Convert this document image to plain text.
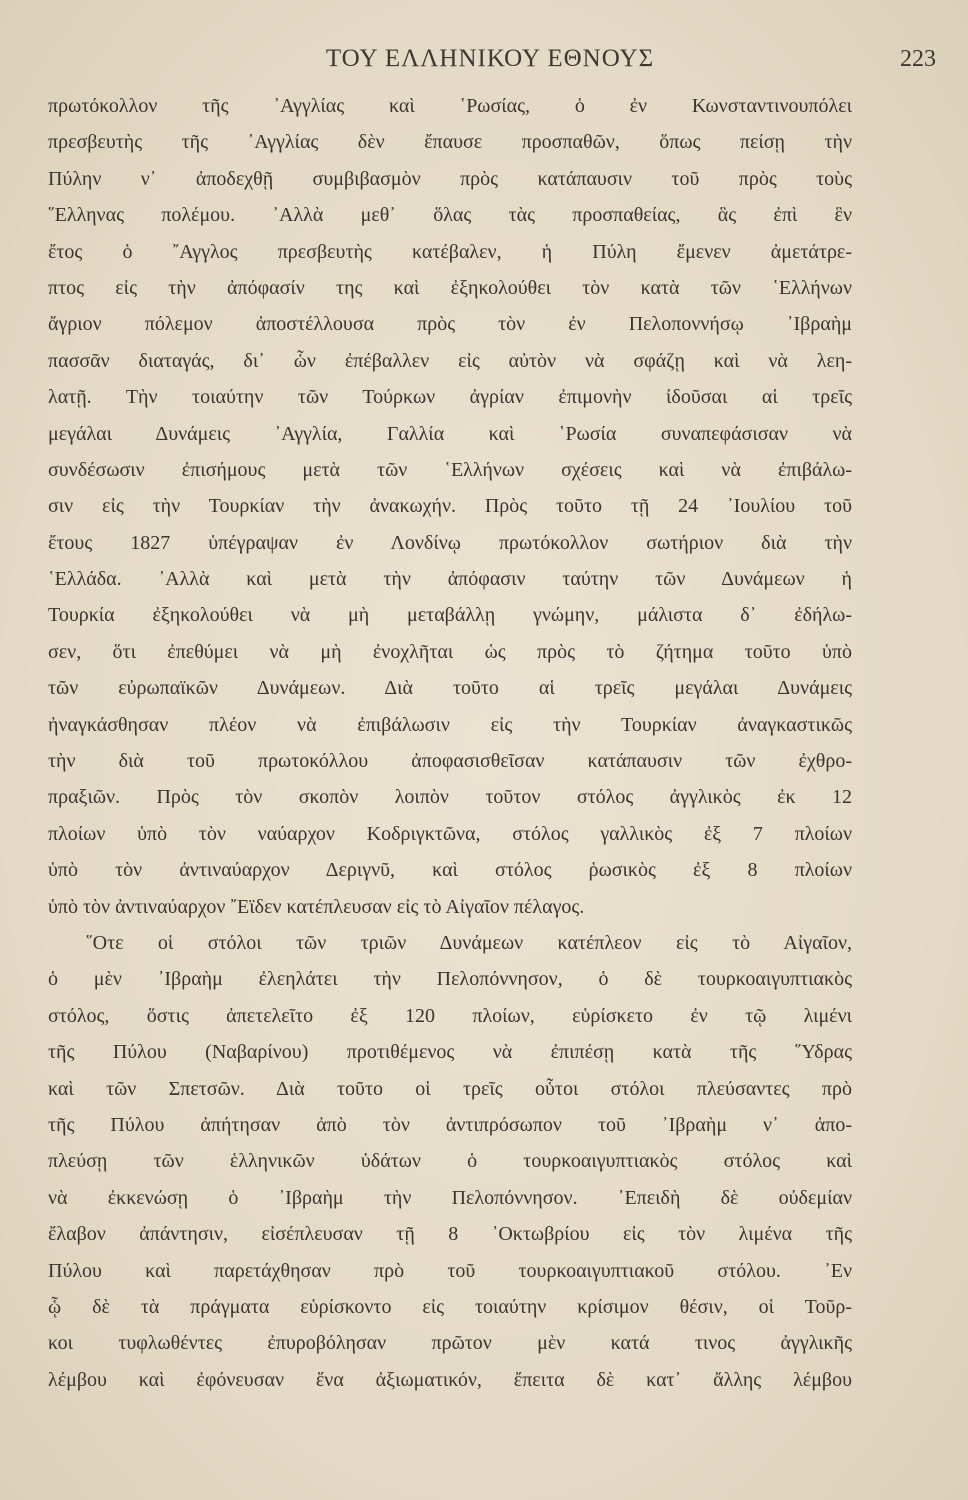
ΤΟΥ ΕΛΛΗΝΙΚΟΥ ΕΘΝΟΥΣ	223
πρωτόκολλον τῆς ᾿Αγγλίας καὶ ῾Ρωσίας, ὁ ἐν Κωνσταντινουπόλει
πρεσβευτὴς τῆς ᾿Αγγλίας δὲν ἔπαυσε προσπαθῶν, ὅπως πείσῃ τὴν
Πύλην ν᾿ ἀποδεχθῇ συμβιβασμὸν πρὸς κατάπαυσιν τοῦ πρὸς τοὺς
῞Ελληνας πολέμου. ᾿Αλλὰ μεθ᾿ ὅλας τὰς προσπαθείας, ἃς ἐπὶ ἓν
ἔτος ὁ ῎Αγγλος πρεσβευτὴς κατέβαλεν, ἡ Πύλη ἔμενεν ἀμετάτρε-
πτος εἰς τὴν ἀπόφασίν της καὶ ἐξηκολούθει τὸν κατὰ τῶν ῾Ελλήνων
ἄγριον πόλεμον ἀποστέλλουσα πρὸς τὸν ἐν Πελοποννήσῳ ᾿Ιβραὴμ
πασσᾶν διαταγάς, δι᾿ ὧν ἐπέβαλλεν εἰς αὐτὸν νὰ σφάζῃ καὶ νὰ λεη-
λατῇ. Τὴν τοιαύτην τῶν Τούρκων ἀγρίαν ἐπιμονὴν ἰδοῦσαι αἱ τρεῖς
μεγάλαι Δυνάμεις ᾿Αγγλία, Γαλλία καὶ ῾Ρωσία συναπεφάσισαν νὰ
συνδέσωσιν ἐπισήμους μετὰ τῶν ῾Ελλήνων σχέσεις καὶ νὰ ἐπιβάλω-
σιν εἰς τὴν Τουρκίαν τὴν ἀνακωχήν. Πρὸς τοῦτο τῇ 24 ᾿Ιουλίου τοῦ
ἔτους 1827 ὑπέγραψαν ἐν Λονδίνῳ πρωτόκολλον σωτήριον διὰ τὴν
῾Ελλάδα. ᾿Αλλὰ καὶ μετὰ τὴν ἀπόφασιν ταύτην τῶν Δυνάμεων ἡ
Τουρκία ἐξηκολούθει νὰ μὴ μεταβάλλῃ γνώμην, μάλιστα δ᾿ ἐδήλω-
σεν, ὅτι ἐπεθύμει νὰ μὴ ἐνοχλῆται ὡς πρὸς τὸ ζήτημα τοῦτο ὑπὸ
τῶν εὐρωπαϊκῶν Δυνάμεων. Διὰ τοῦτο αἱ τρεῖς μεγάλαι Δυνάμεις
ἠναγκάσθησαν πλέον νὰ ἐπιβάλωσιν εἰς τὴν Τουρκίαν ἀναγκαστικῶς
τὴν διὰ τοῦ πρωτοκόλλου ἀποφασισθεῖσαν κατάπαυσιν τῶν ἐχθρο-
πραξιῶν. Πρὸς τὸν σκοπὸν λοιπὸν τοῦτον στόλος ἀγγλικὸς ἐκ 12
πλοίων ὑπὸ τὸν ναύαρχον Κοδριγκτῶνα, στόλος γαλλικὸς ἐξ 7 πλοίων
ὑπὸ τὸν ἀντιναύαρχον Δεριγνῦ, καὶ στόλος ῥωσικὸς ἐξ 8 πλοίων
ὑπὸ τὸν ἀντιναύαρχον ῎Εϊδεν κατέπλευσαν εἰς τὸ Αἰγαῖον πέλαγος.
῞Οτε οἱ στόλοι τῶν τριῶν Δυνάμεων κατέπλεον εἰς τὸ Αἰγαῖον,
ὁ μὲν ᾿Ιβραὴμ ἐλεηλάτει τὴν Πελοπόννησον, ὁ δὲ τουρκοαιγυπτιακὸς
στόλος, ὅστις ἀπετελεῖτο ἐξ 120 πλοίων, εὑρίσκετο ἐν τῷ λιμένι
τῆς Πύλου (Ναβαρίνου) προτιθέμενος νὰ ἐπιπέσῃ κατὰ τῆς ῞Υδρας
καὶ τῶν Σπετσῶν. Διὰ τοῦτο οἱ τρεῖς οὗτοι στόλοι πλεύσαντες πρὸ
τῆς Πύλου ἀπήτησαν ἀπὸ τὸν ἀντιπρόσωπον τοῦ ᾿Ιβραὴμ ν᾿ ἀπο-
πλεύσῃ τῶν ἑλληνικῶν ὑδάτων ὁ τουρκοαιγυπτιακὸς στόλος καὶ
νὰ ἐκκενώσῃ ὁ ᾿Ιβραὴμ τὴν Πελοπόννησον. ᾿Επειδὴ δὲ οὐδεμίαν
ἔλαβον ἀπάντησιν, εἰσέπλευσαν τῇ 8 ᾿Οκτωβρίου εἰς τὸν λιμένα τῆς
Πύλου καὶ παρετάχθησαν πρὸ τοῦ τουρκοαιγυπτιακοῦ στόλου. ᾿Εν
ᾧ δὲ τὰ πράγματα εὑρίσκοντο εἰς τοιαύτην κρίσιμον θέσιν, οἱ Τοῦρ-
κοι τυφλωθέντες ἐπυροβόλησαν πρῶτον μὲν κατά τινος ἀγγλικῆς
λέμβου καὶ ἐφόνευσαν ἕνα ἀξιωματικόν, ἔπειτα δὲ κατ᾿ ἄλλης λέμβου
